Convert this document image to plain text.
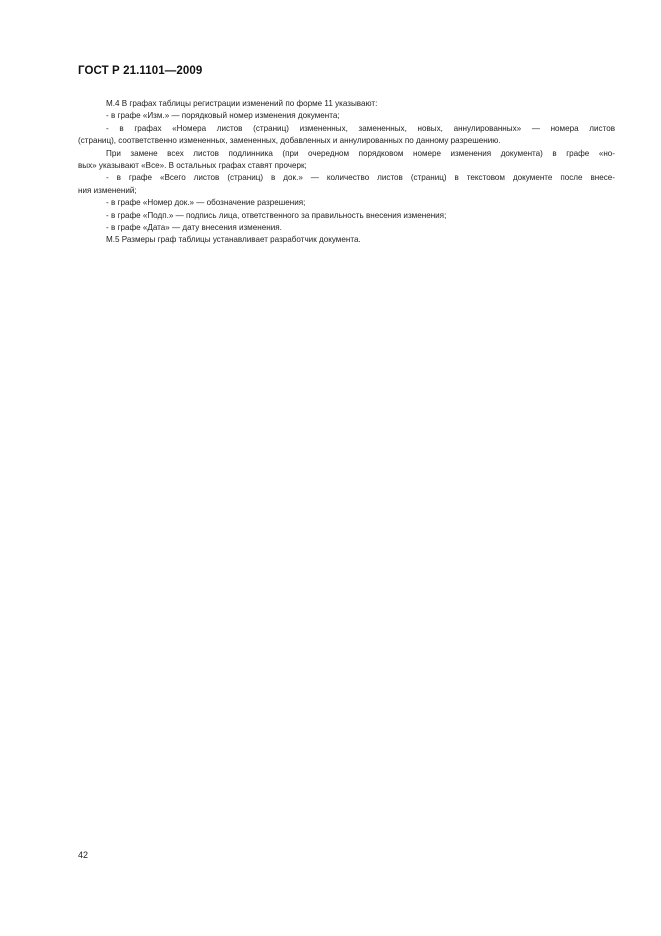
ГОСТ Р 21.1101—2009
М.4 В графах таблицы регистрации изменений по форме 11 указывают:
- в графе «Изм.» — порядковый номер изменения документа;
- в графах «Номера листов (страниц) измененных, замененных, новых, аннулированных» — номера листов
(страниц), соответственно измененных, замененных, добавленных и аннулированных по данному разрешению.
При замене всех листов подлинника (при очередном порядковом номере изменения документа) в графе «но-
вых» указывают «Все». В остальных графах ставят прочерк;
- в графе «Всего листов (страниц) в док.» — количество листов (страниц) в текстовом документе после внесе-
ния изменений;
- в графе «Номер док.» — обозначение разрешения;
- в графе «Подп.» — подпись лица, ответственного за правильность внесения изменения;
- в графе «Дата» — дату внесения изменения.
М.5 Размеры граф таблицы устанавливает разработчик документа.
42
